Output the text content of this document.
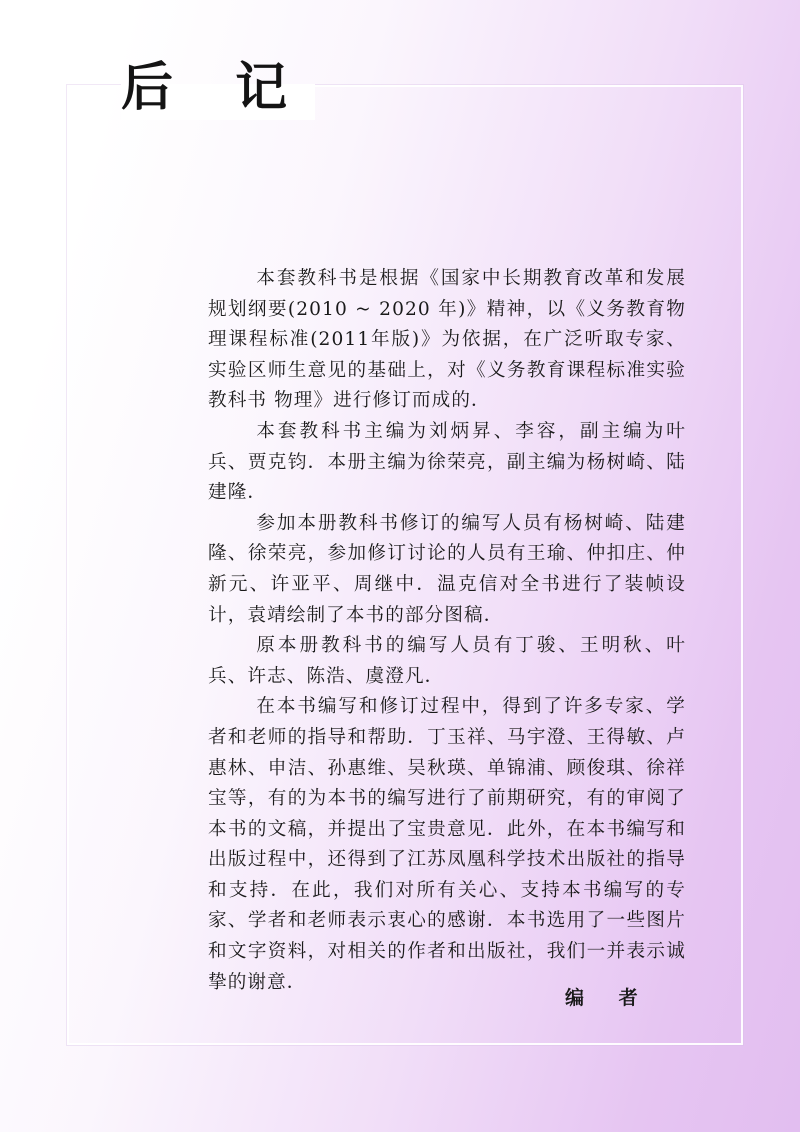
后 记

本套教科书是根据《国家中长期教育改革和发展规划纲要(2010 ~ 2020 年)》精神，以《义务教育物理课程标准(2011年版)》为依据，在广泛听取专家、实验区师生意见的基础上，对《义务教育课程标准实验教科书 物理》进行修订而成的．

本套教科书主编为刘炳昇、李容，副主编为叶兵、贾克钧．本册主编为徐荣亮，副主编为杨树崎、陆建隆．

参加本册教科书修订的编写人员有杨树崎、陆建隆、徐荣亮，参加修订讨论的人员有王瑜、仲扣庄、仲新元、许亚平、周继中．温克信对全书进行了装帧设计，袁靖绘制了本书的部分图稿．

原本册教科书的编写人员有丁骏、王明秋、叶兵、许志、陈浩、虞澄凡．

在本书编写和修订过程中，得到了许多专家、学者和老师的指导和帮助．丁玉祥、马宇澄、王得敏、卢惠林、申洁、孙惠维、吴秋瑛、单锦浦、顾俊琪、徐祥宝等，有的为本书的编写进行了前期研究，有的审阅了本书的文稿，并提出了宝贵意见．此外，在本书编写和出版过程中，还得到了江苏凤凰科学技术出版社的指导和支持．在此，我们对所有关心、支持本书编写的专家、学者和老师表示衷心的感谢．本书选用了一些图片和文字资料，对相关的作者和出版社，我们一并表示诚挚的谢意．

编 者
